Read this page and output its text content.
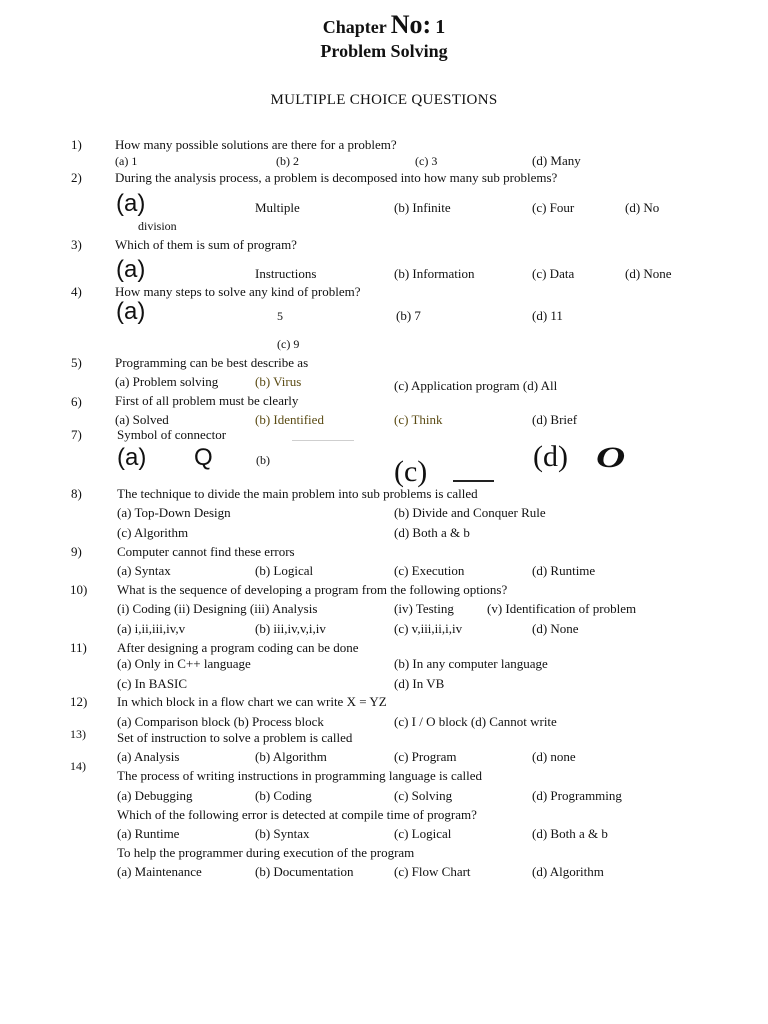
Chapter No: 1
Problem Solving
MULTIPLE CHOICE QUESTIONS
1)	How many possible solutions are there for a problem?
(a) 1	(b) 2	(c) 3	(d) Many
2)	During the analysis process, a problem is decomposed into how many sub problems?
(a)	Multiple	(b) Infinite	(c) Four	(d) No
division
3)	Which of them is sum of program?
(a)	Instructions	(b) Information	(c) Data	(d) None
4)	How many steps to solve any kind of problem?
(a)	5	(b) 7	(d) 11
(c) 9
5)	Programming can be best describe as
(a) Problem solving	(b) Virus	(c) Application program (d) All
6)	First of all problem must be clearly
(a) Solved	(b) Identified	(c) Think	(d) Brief
7)	Symbol of connector
(a) Q	(b)	(c)	(d) O
8)	The technique to divide the main problem into sub problems is called
(a) Top-Down Design	(b) Divide and Conquer Rule
(c) Algorithm	(d) Both a & b
9)	Computer cannot find these errors
(a) Syntax	(b) Logical	(c) Execution	(d) Runtime
10) What is the sequence of developing a program from the following options?
(i) Coding (ii) Designing (iii) Analysis	(iv) Testing	(v) Identification of problem
(a) i,ii,iii,iv,v	(b) iii,iv,v,i,iv	(c) v,iii,ii,i,iv	(d) None
11) After designing a program coding can be done
(a) Only in C++ language	(b) In any computer language
(c) In BASIC	(d) In VB
12) In which block in a flow chart we can write X = YZ
(a) Comparison block (b) Process block	(c) I / O block (d) Cannot write
13) Set of instruction to solve a problem is called
(a) Analysis	(b) Algorithm	(c) Program	(d) none
14)
The process of writing instructions in programming language is called
(a) Debugging	(b) Coding	(c) Solving	(d) Programming
Which of the following error is detected at compile time of program?
(a) Runtime	(b) Syntax	(c) Logical	(d) Both a & b
To help the programmer during execution of the program
(a) Maintenance	(b) Documentation	(c) Flow Chart	(d) Algorithm
